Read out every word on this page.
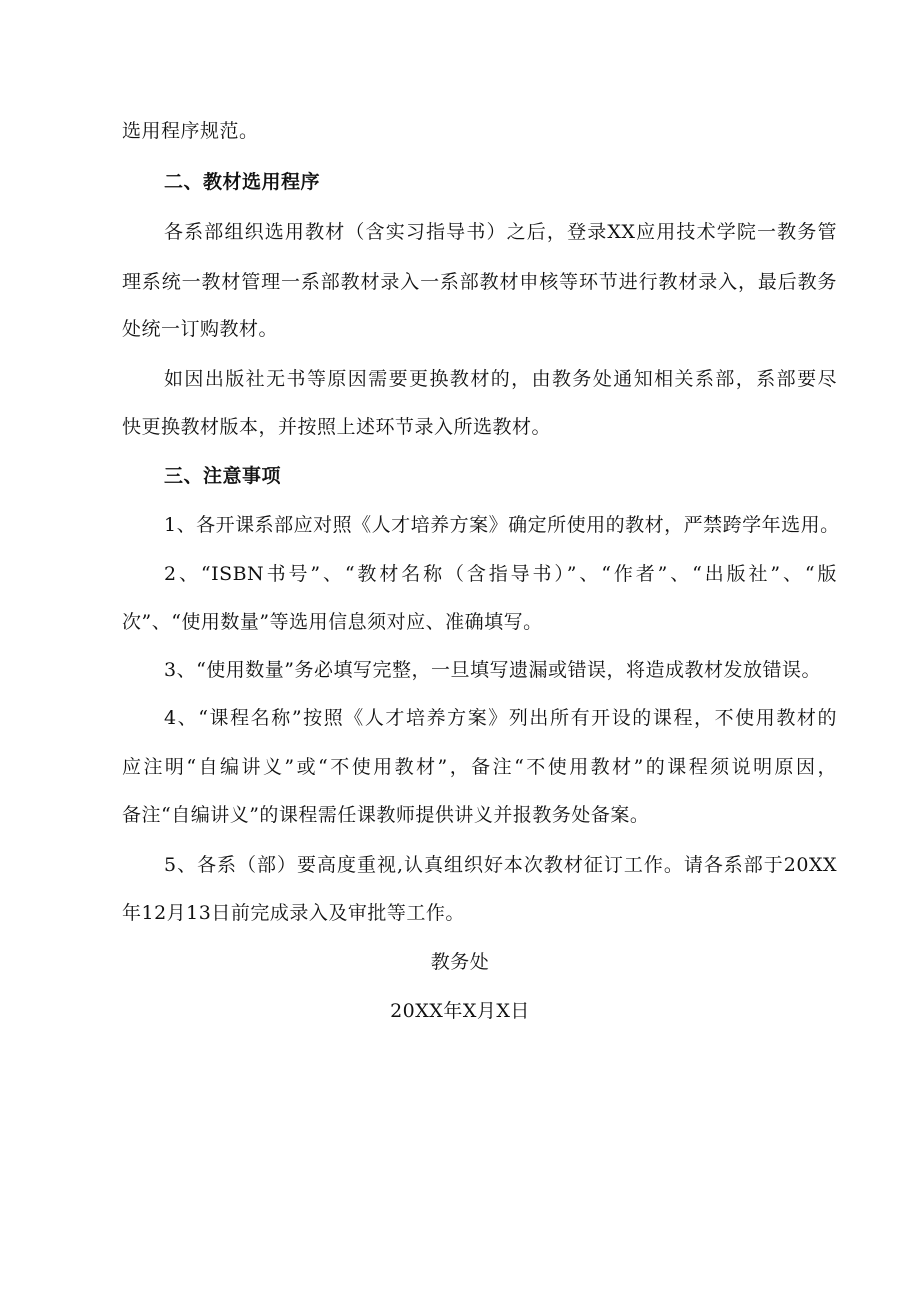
选用程序规范。
二、教材选用程序
各系部组织选用教材（含实习指导书）之后，登录XX应用技术学院一教务管
理系统一教材管理一系部教材录入一系部教材申核等环节进行教材录入，最后教务
处统一订购教材。
如因出版社无书等原因需要更换教材的，由教务处通知相关系部，系部要尽
快更换教材版本，并按照上述环节录入所选教材。
三、注意事项
1、各开课系部应对照《人才培养方案》确定所使用的教材，严禁跨学年选用。
2、“ISBN书号”、“教材名称（含指导书）”、“作者”、“出版社”、“版
次”、“使用数量”等选用信息须对应、准确填写。
3、“使用数量”务必填写完整，一旦填写遗漏或错误，将造成教材发放错误。
4、“课程名称”按照《人才培养方案》列出所有开设的课程，不使用教材的
应注明“自编讲义”或“不使用教材”，备注“不使用教材”的课程须说明原因，
备注“自编讲义”的课程需任课教师提供讲义并报教务处备案。
5、各系（部）要高度重视,认真组织好本次教材征订工作。请各系部于20XX
年12月13日前完成录入及审批等工作。
教务处
20XX年X月X日
